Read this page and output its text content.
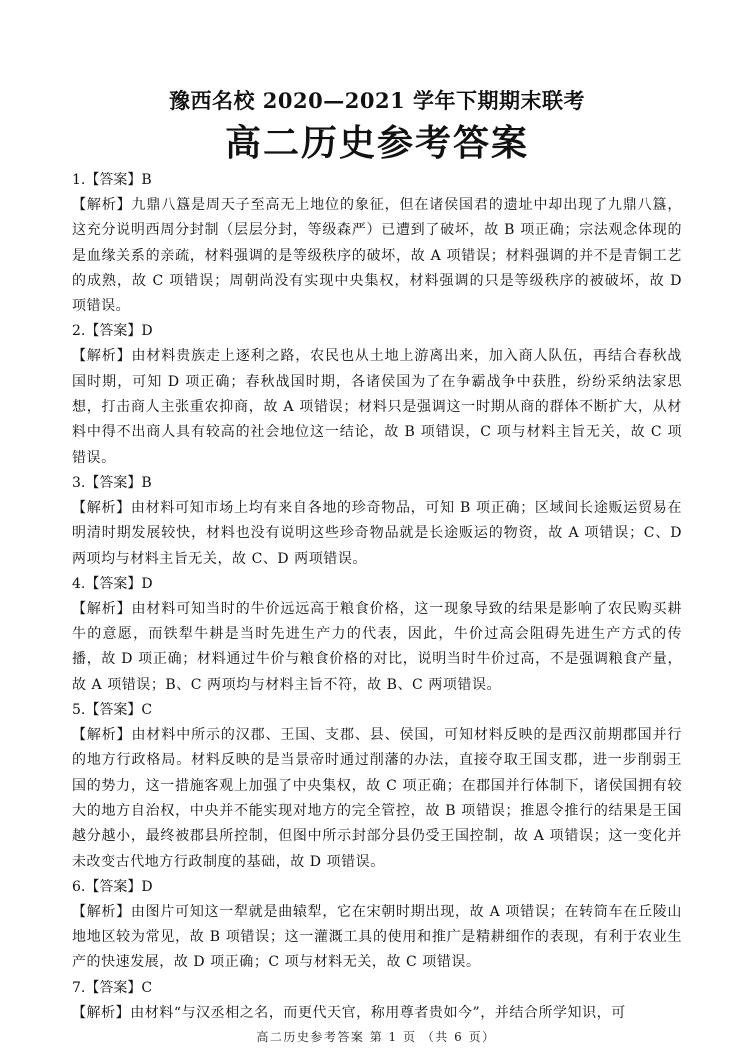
豫西名校 2020—2021 学年下期期末联考
高二历史参考答案

1.【答案】B

【解析】九鼎八簋是周天子至高无上地位的象征，但在诸侯国君的遗址中却出现了九鼎八簋，这充分说明西周分封制（层层分封，等级森严）已遭到了破坏，故 B 项正确；宗法观念体现的是血缘关系的亲疏，材料强调的是等级秩序的破坏，故 A 项错误；材料强调的并不是青铜工艺的成熟，故 C 项错误；周朝尚没有实现中央集权，材料强调的只是等级秩序的被破坏，故 D 项错误。

2.【答案】D

【解析】由材料贵族走上逐利之路，农民也从土地上游离出来，加入商人队伍，再结合春秋战国时期，可知 D 项正确；春秋战国时期，各诸侯国为了在争霸战争中获胜，纷纷采纳法家思想，打击商人主张重农抑商，故 A 项错误；材料只是强调这一时期从商的群体不断扩大，从材料中得不出商人具有较高的社会地位这一结论，故 B 项错误，C 项与材料主旨无关，故 C 项错误。

3.【答案】B

【解析】由材料可知市场上均有来自各地的珍奇物品，可知 B 项正确；区域间长途贩运贸易在明清时期发展较快，材料也没有说明这些珍奇物品就是长途贩运的物资，故 A 项错误；C、D 两项均与材料主旨无关，故 C、D 两项错误。

4.【答案】D

【解析】由材料可知当时的牛价远远高于粮食价格，这一现象导致的结果是影响了农民购买耕牛的意愿，而铁犁牛耕是当时先进生产力的代表，因此，牛价过高会阻碍先进生产方式的传播，故 D 项正确；材料通过牛价与粮食价格的对比，说明当时牛价过高，不是强调粮食产量，故 A 项错误；B、C 两项均与材料主旨不符，故 B、C 两项错误。

5.【答案】C

【解析】由材料中所示的汉郡、王国、支郡、县、侯国，可知材料反映的是西汉前期郡国并行的地方行政格局。材料反映的是当景帝时通过削藩的办法，直接夺取王国支郡，进一步削弱王国的势力，这一措施客观上加强了中央集权，故 C 项正确；在郡国并行体制下，诸侯国拥有较大的地方自治权，中央并不能实现对地方的完全管控，故 B 项错误；推恩令推行的结果是王国越分越小，最终被郡县所控制，但图中所示封部分县仍受王国控制，故 A 项错误；这一变化并未改变古代地方行政制度的基础，故 D 项错误。

6.【答案】D

【解析】由图片可知这一犁就是曲辕犁，它在宋朝时期出现，故 A 项错误；在转筒车在丘陵山地地区较为常见，故 B 项错误；这一灌溉工具的使用和推广是精耕细作的表现，有利于农业生产的快速发展，故 D 项正确；C 项与材料无关，故 C 项错误。

7.【答案】C

【解析】由材料“与汉丞相之名，而更代天官，称用尊者贵如今”，并结合所学知识，可

高二历史参考答案 第 1 页 （共 6 页）
